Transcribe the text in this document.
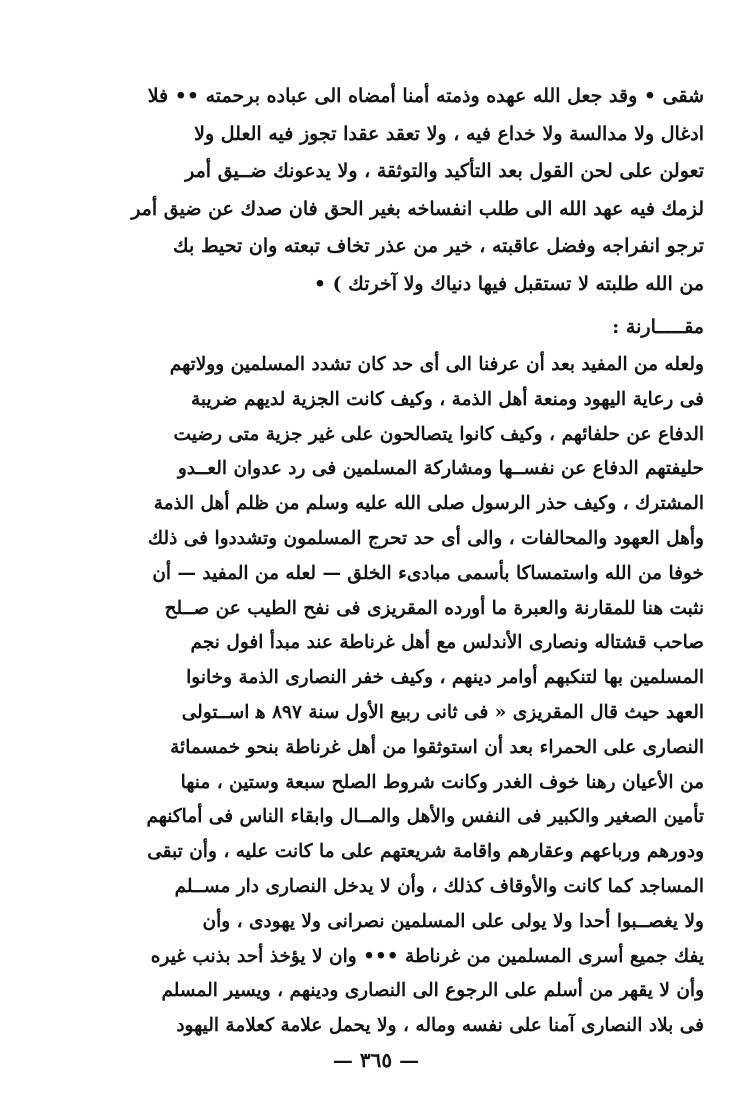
شقى • وقد جعل الله عهده وذمته أمنا أمضاه الى عباده برحمته •• فلا
ادغال ولا مدالسة ولا خداع فيه ، ولا تعقد عقدا تجوز فيه العلل ولا
تعولن على لحن القول بعد التأكيد والتوثقة ، ولا يدعونك ضــيق أمر
لزمك فيه عهد الله الى طلب انفساخه بغير الحق فان صدك عن ضيق أمر
ترجو انفراجه وفضل عاقبته ، خير من عذر تخاف تبعته وان تحيط بك
من الله طلبته لا تستقبل فيها دنياك ولا آخرتك ) •
مقـــــارنة :
ولعله من المفيد بعد أن عرفنا الى أى حد كان تشدد المسلمين وولاتهم
فى رعاية اليهود ومنعة أهل الذمة ، وكيف كانت الجزية لديهم ضريبة
الدفاع عن حلفائهم ، وكيف كانوا يتصالحون على غير جزية متى رضيت
حليفتهم الدفاع عن نفســها ومشاركة المسلمين فى رد عدوان العــدو
المشترك ، وكيف حذر الرسول صلى الله عليه وسلم من ظلم أهل الذمة
وأهل العهود والمحالفات ، والى أى حد تحرج المسلمون وتشددوا فى ذلك
خوفا من الله واستمساكا بأسمى مبادىء الخلق — لعله من المفيد — أن
نثبت هنا للمقارنة والعبرة ما أورده المقريزى فى نفح الطيب عن صــلح
صاحب قشتاله ونصارى الأندلس مع أهل غرناطة عند مبدأ افول نجم
المسلمين بها لتنكبهم أوامر دينهم ، وكيف خفر النصارى الذمة وخانوا
العهد حيث قال المقريزى « فى ثانى ربيع الأول سنة ٨٩٧ ﻫ اســتولى
النصارى على الحمراء بعد أن استوثقوا من أهل غرناطة بنحو خمسمائة
من الأعيان رهنا خوف الغدر وكانت شروط الصلح سبعة وستين ، منها
تأمين الصغير والكبير فى النفس والأهل والمــال وابقاء الناس فى أماكنهم
ودورهم ورباعهم وعقارهم واقامة شريعتهم على ما كانت عليه ، وأن تبقى
المساجد كما كانت والأوقاف كذلك ، وأن لا يدخل النصارى دار مســلم
ولا يغصــبوا أحدا ولا يولى على المسلمين نصرانى ولا يهودى ، وأن
يفك جميع أسرى المسلمين من غرناطة ••• وان لا يؤخذ أحد بذنب غيره
وأن لا يقهر من أسلم على الرجوع الى النصارى ودينهم ، ويسير المسلم
فى بلاد النصارى آمنا على نفسه وماله ، ولا يحمل علامة كعلامة اليهود
— ٣٦٥ —
